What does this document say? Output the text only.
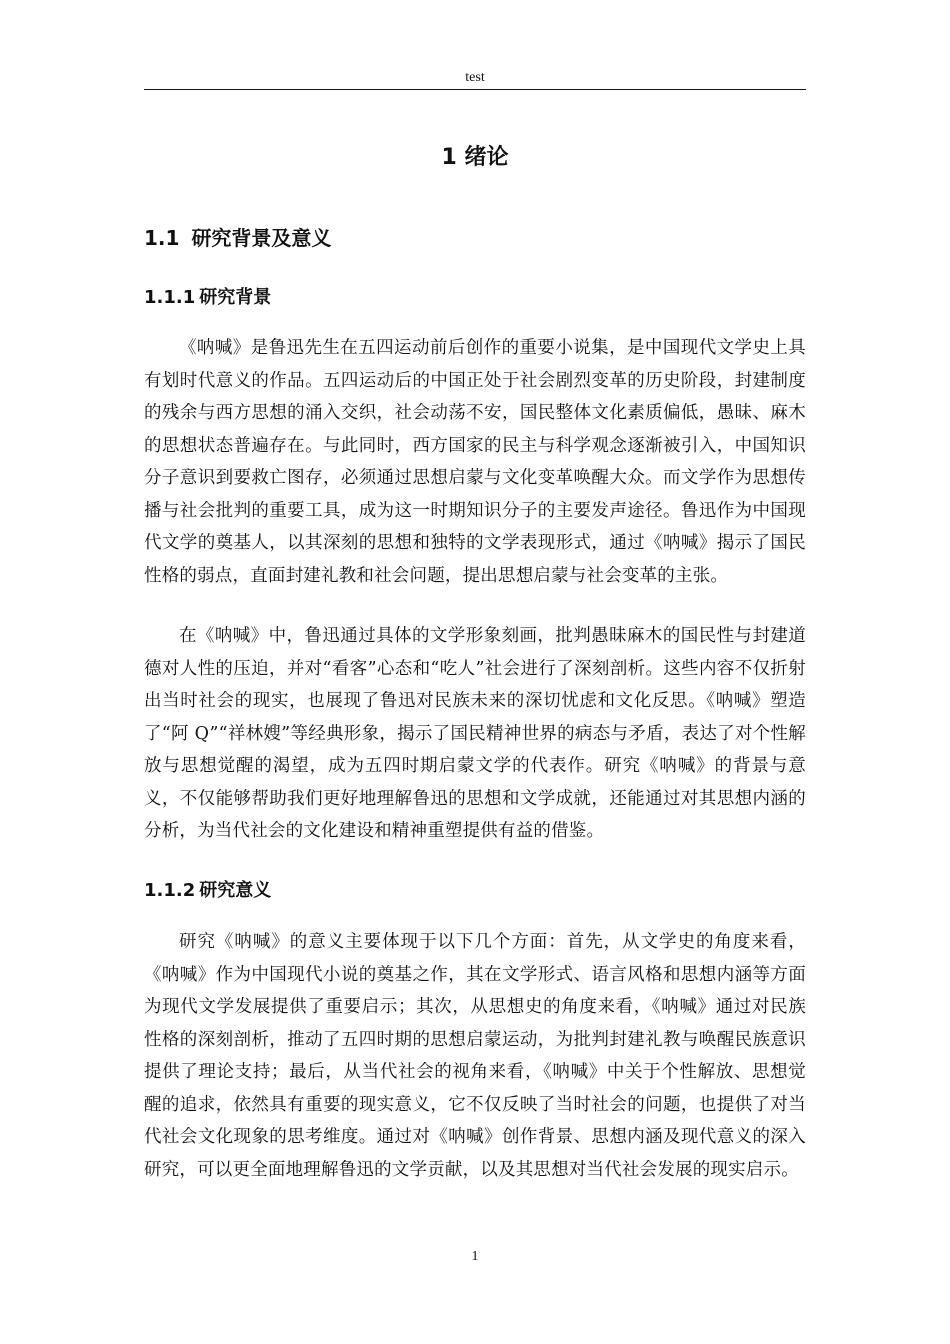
test
1 绪论
1.1 研究背景及意义
1.1.1 研究背景

《呐喊》是鲁迅先生在五四运动前后创作的重要小说集，是中国现代文学史上具有划时代意义的作品。五四运动后的中国正处于社会剧烈变革的历史阶段，封建制度的残余与西方思想的涌入交织，社会动荡不安，国民整体文化素质偏低，愚昧、麻木的思想状态普遍存在。与此同时，西方国家的民主与科学观念逐渐被引入，中国知识分子意识到要救亡图存，必须通过思想启蒙与文化变革唤醒大众。而文学作为思想传播与社会批判的重要工具，成为这一时期知识分子的主要发声途径。鲁迅作为中国现代文学的奠基人，以其深刻的思想和独特的文学表现形式，通过《呐喊》揭示了国民性格的弱点，直面封建礼教和社会问题，提出思想启蒙与社会变革的主张。

在《呐喊》中，鲁迅通过具体的文学形象刻画，批判愚昧麻木的国民性与封建道德对人性的压迫，并对“看客”心态和“吃人”社会进行了深刻剖析。这些内容不仅折射出当时社会的现实，也展现了鲁迅对民族未来的深切忧虑和文化反思。《呐喊》塑造了“阿 Q”“祥林嫂”等经典形象，揭示了国民精神世界的病态与矛盾，表达了对个性解放与思想觉醒的渴望，成为五四时期启蒙文学的代表作。研究《呐喊》的背景与意义，不仅能够帮助我们更好地理解鲁迅的思想和文学成就，还能通过对其思想内涵的分析，为当代社会的文化建设和精神重塑提供有益的借鉴。

1.1.2 研究意义

研究《呐喊》的意义主要体现于以下几个方面：首先，从文学史的角度来看，《呐喊》作为中国现代小说的奠基之作，其在文学形式、语言风格和思想内涵等方面为现代文学发展提供了重要启示；其次，从思想史的角度来看，《呐喊》通过对民族性格的深刻剖析，推动了五四时期的思想启蒙运动，为批判封建礼教与唤醒民族意识提供了理论支持；最后，从当代社会的视角来看，《呐喊》中关于个性解放、思想觉醒的追求，依然具有重要的现实意义，它不仅反映了当时社会的问题，也提供了对当代社会文化现象的思考维度。通过对《呐喊》创作背景、思想内涵及现代意义的深入研究，可以更全面地理解鲁迅的文学贡献，以及其思想对当代社会发展的现实启示。

1
